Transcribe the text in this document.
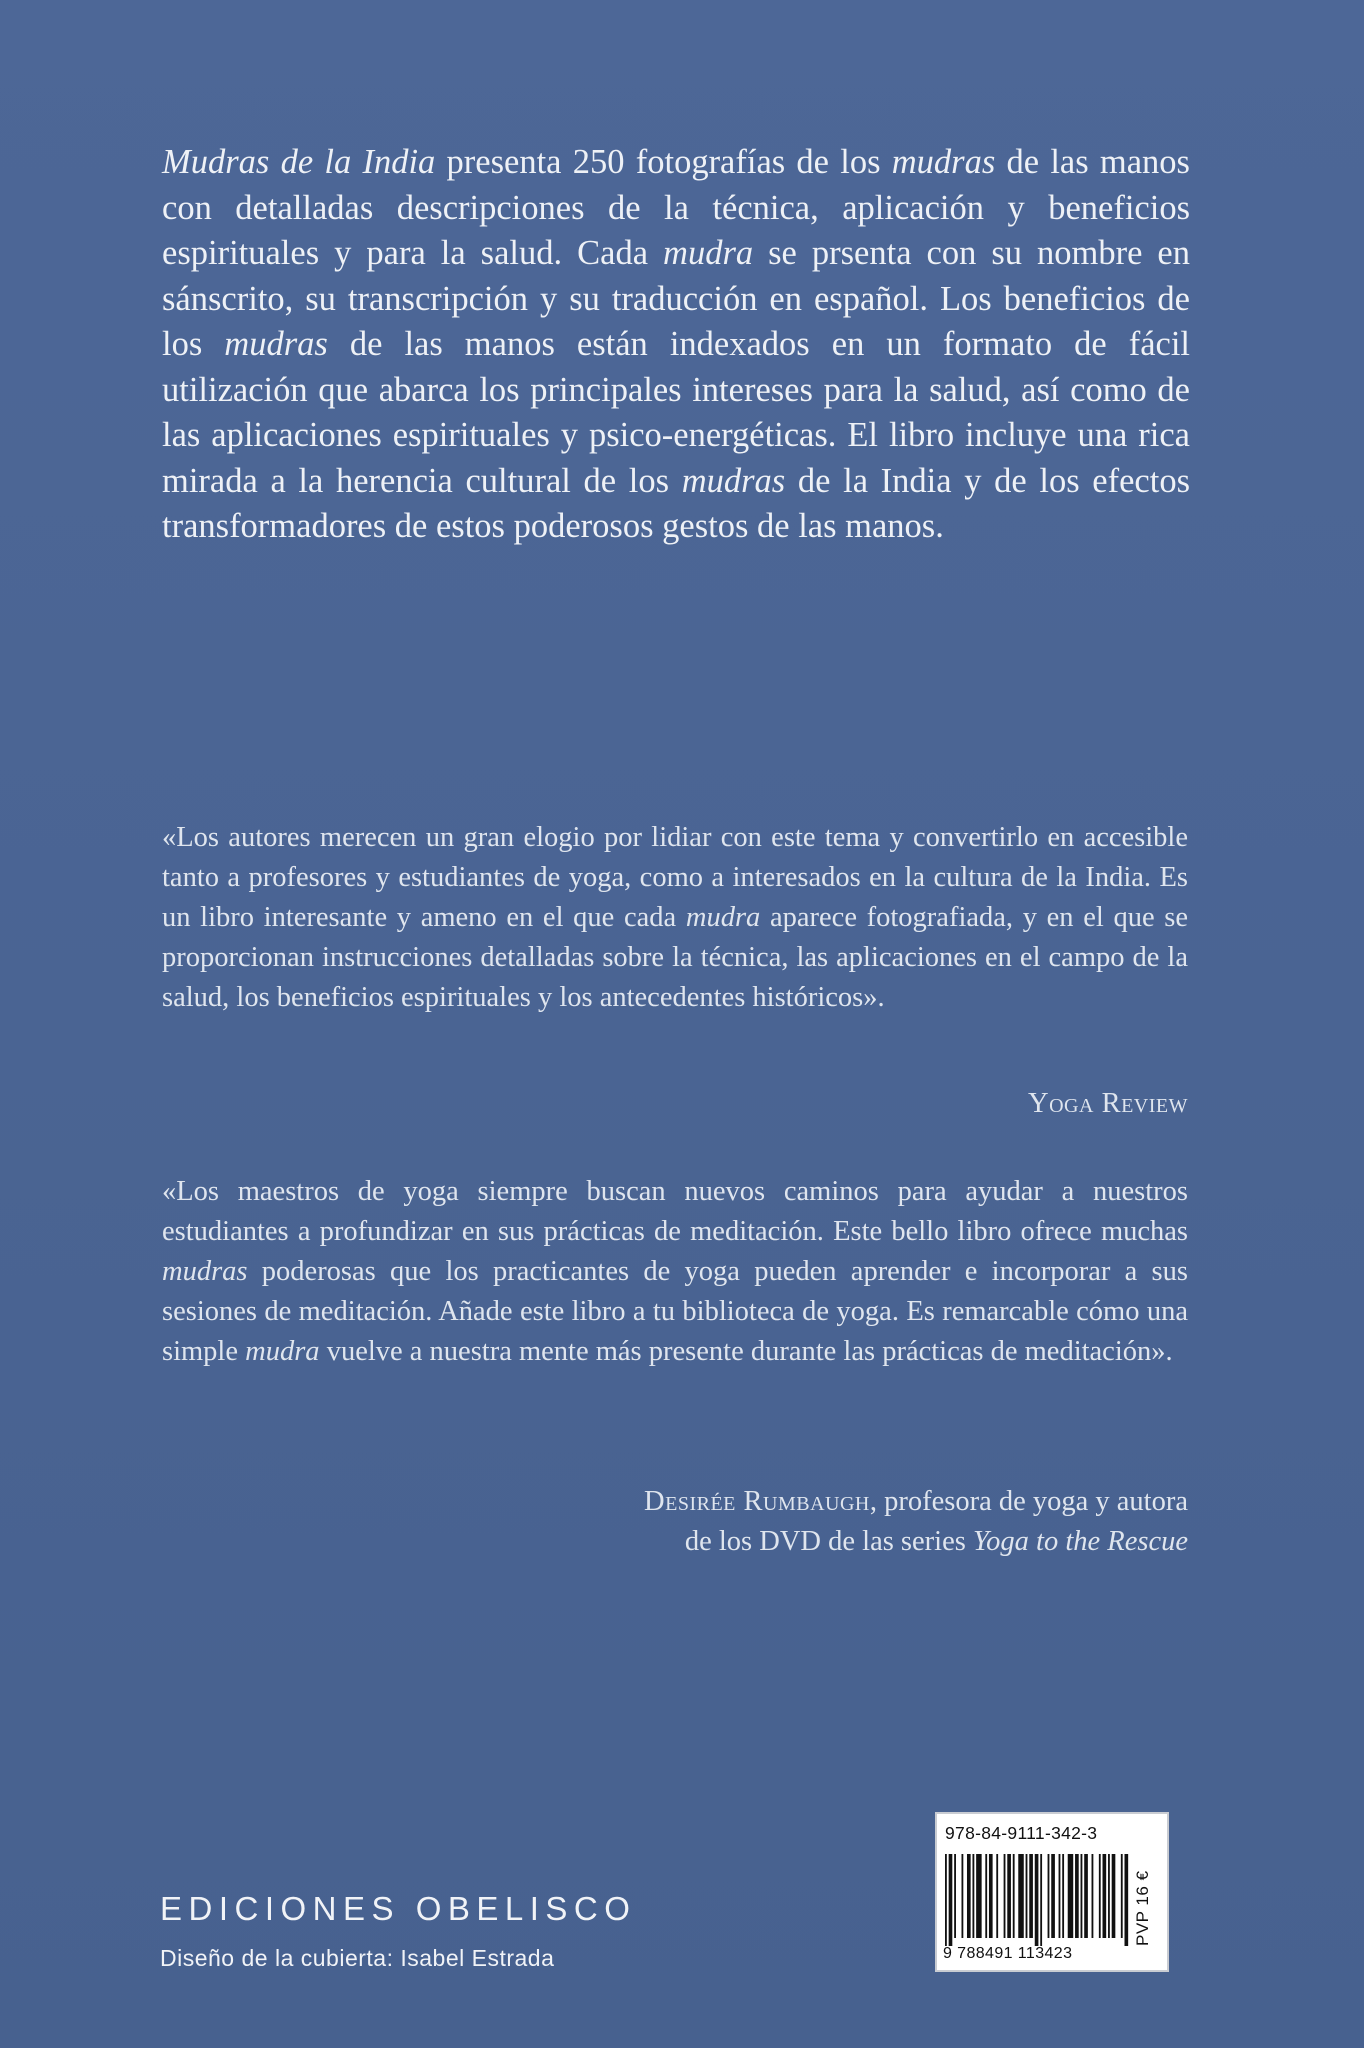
Mudras de la India presenta 250 fotografías de los mudras de las manos con detalladas descripciones de la técnica, aplicación y beneficios espirituales y para la salud. Cada mudra se prsenta con su nombre en sánscrito, su transcripción y su traducción en español. Los beneficios de los mudras de las manos están indexados en un formato de fácil utilización que abarca los principales intereses para la salud, así como de las aplicaciones espirituales y psico-energéticas. El libro incluye una rica mirada a la herencia cultural de los mudras de la India y de los efectos transformadores de estos poderosos gestos de las manos.

«Los autores merecen un gran elogio por lidiar con este tema y convertirlo en accesible tanto a profesores y estudiantes de yoga, como a interesados en la cultura de la India. Es un libro interesante y ameno en el que cada mudra aparece fotografiada, y en el que se proporcionan instrucciones detalladas sobre la técnica, las aplicaciones en el campo de la salud, los beneficios espirituales y los antecedentes históricos».

Yoga Review

«Los maestros de yoga siempre buscan nuevos caminos para ayudar a nuestros estudiantes a profundizar en sus prácticas de meditación. Este bello libro ofrece muchas mudras poderosas que los practicantes de yoga pueden aprender e incorporar a sus sesiones de meditación. Añade este libro a tu biblioteca de yoga. Es remarcable cómo una simple mudra vuelve a nuestra mente más presente durante las prácticas de meditación».

Desirée Rumbaugh, profesora de yoga y autora
de los DVD de las series Yoga to the Rescue
EDICIONES OBELISCO
Diseño de la cubierta: Isabel Estrada
978-84-9111-342-3
9 788491 113423
PVP 16 €
